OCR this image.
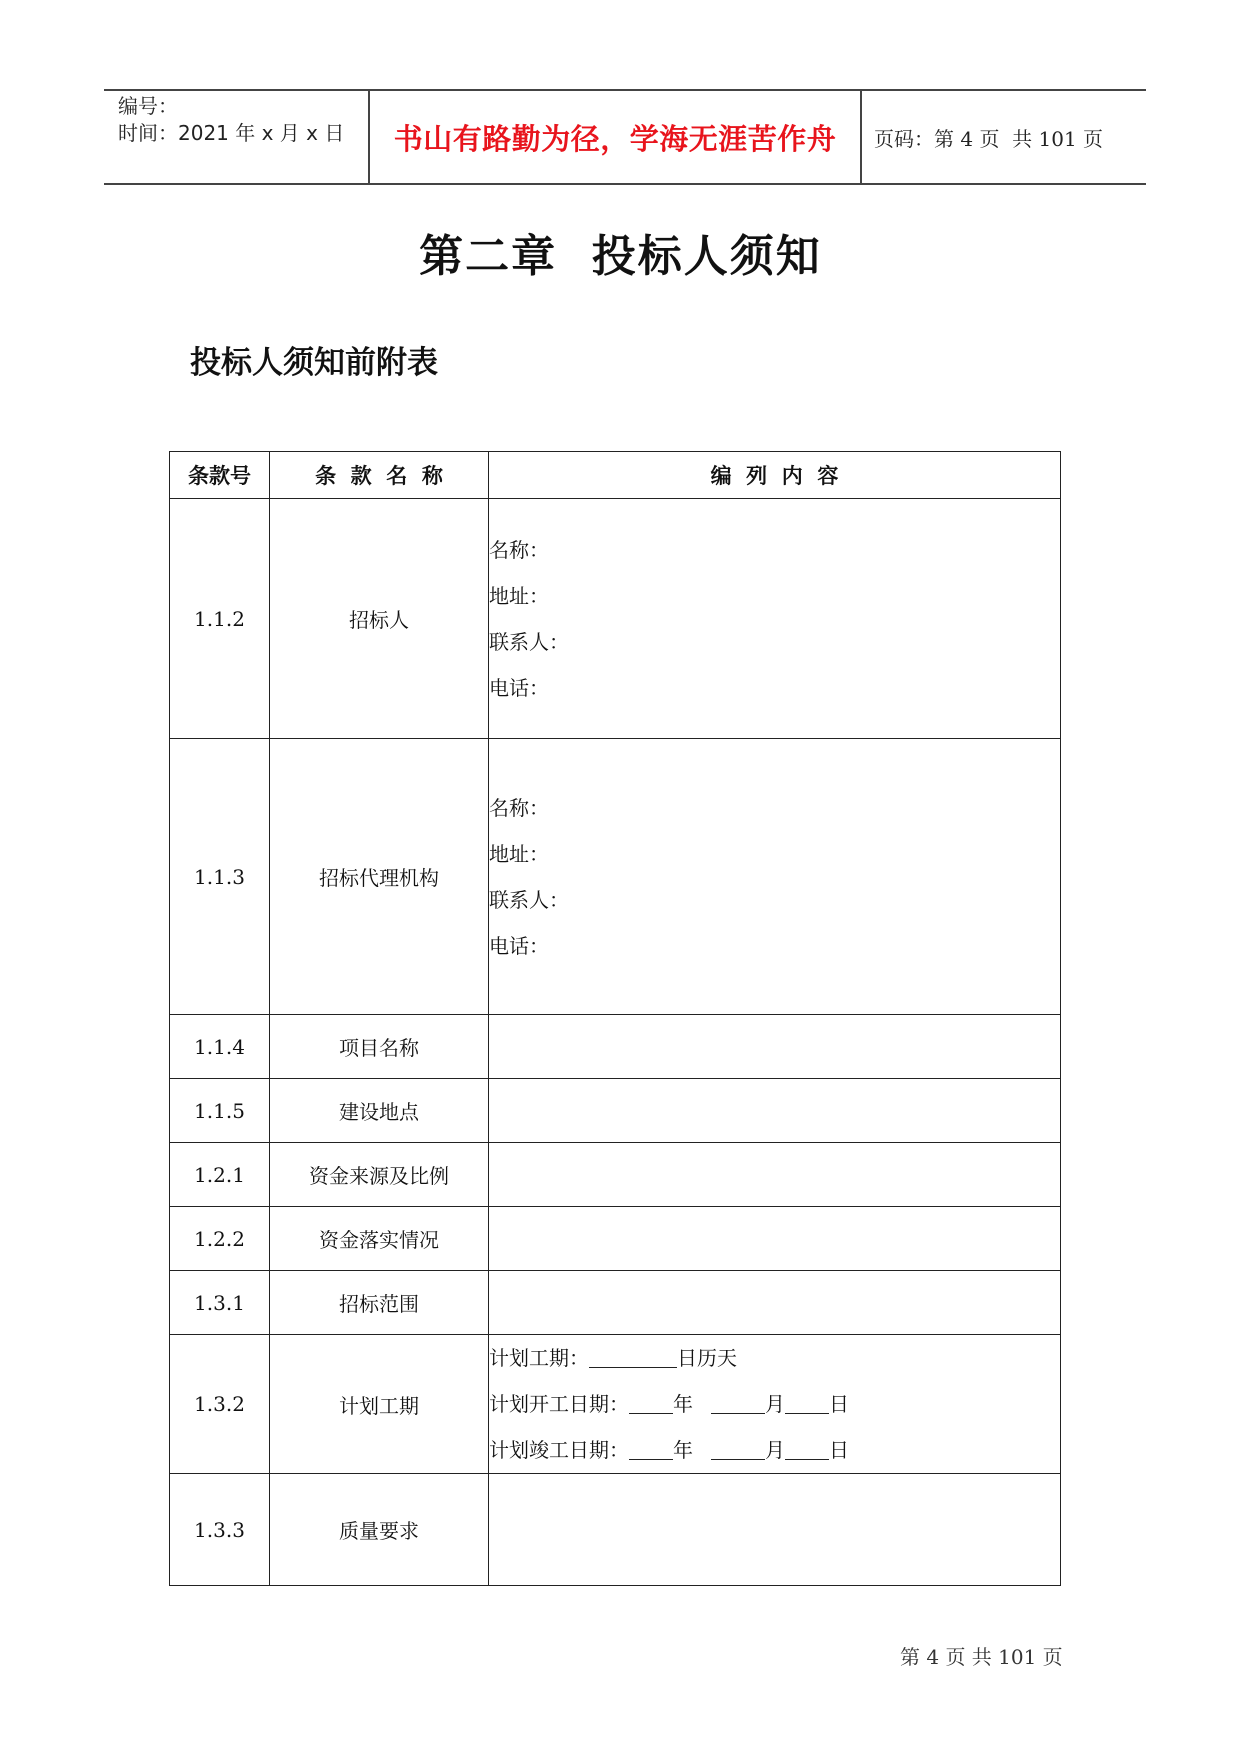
编号：
时间：2021 年 x 月 x 日	书山有路勤为径，学海无涯苦作舟	页码：第 4 页  共 101 页
第二章  投标人须知
投标人须知前附表
条款号	条  款  名  称	编  列  内  容
1.1.2	招标人	名称：
地址：
联系人：
电话：

1.1.3	招标代理机构	名称：
地址：
联系人：
电话：

1.1.4	项目名称	
1.1.5	建设地点	
1.2.1	资金来源及比例	
1.2.2	资金落实情况	
1.3.1	招标范围	
1.3.2	计划工期	计划工期： 日历天
计划开工日期： 年 月 日
计划竣工日期： 年 月 日

1.3.3	质量要求	
第 4 页 共 101 页
